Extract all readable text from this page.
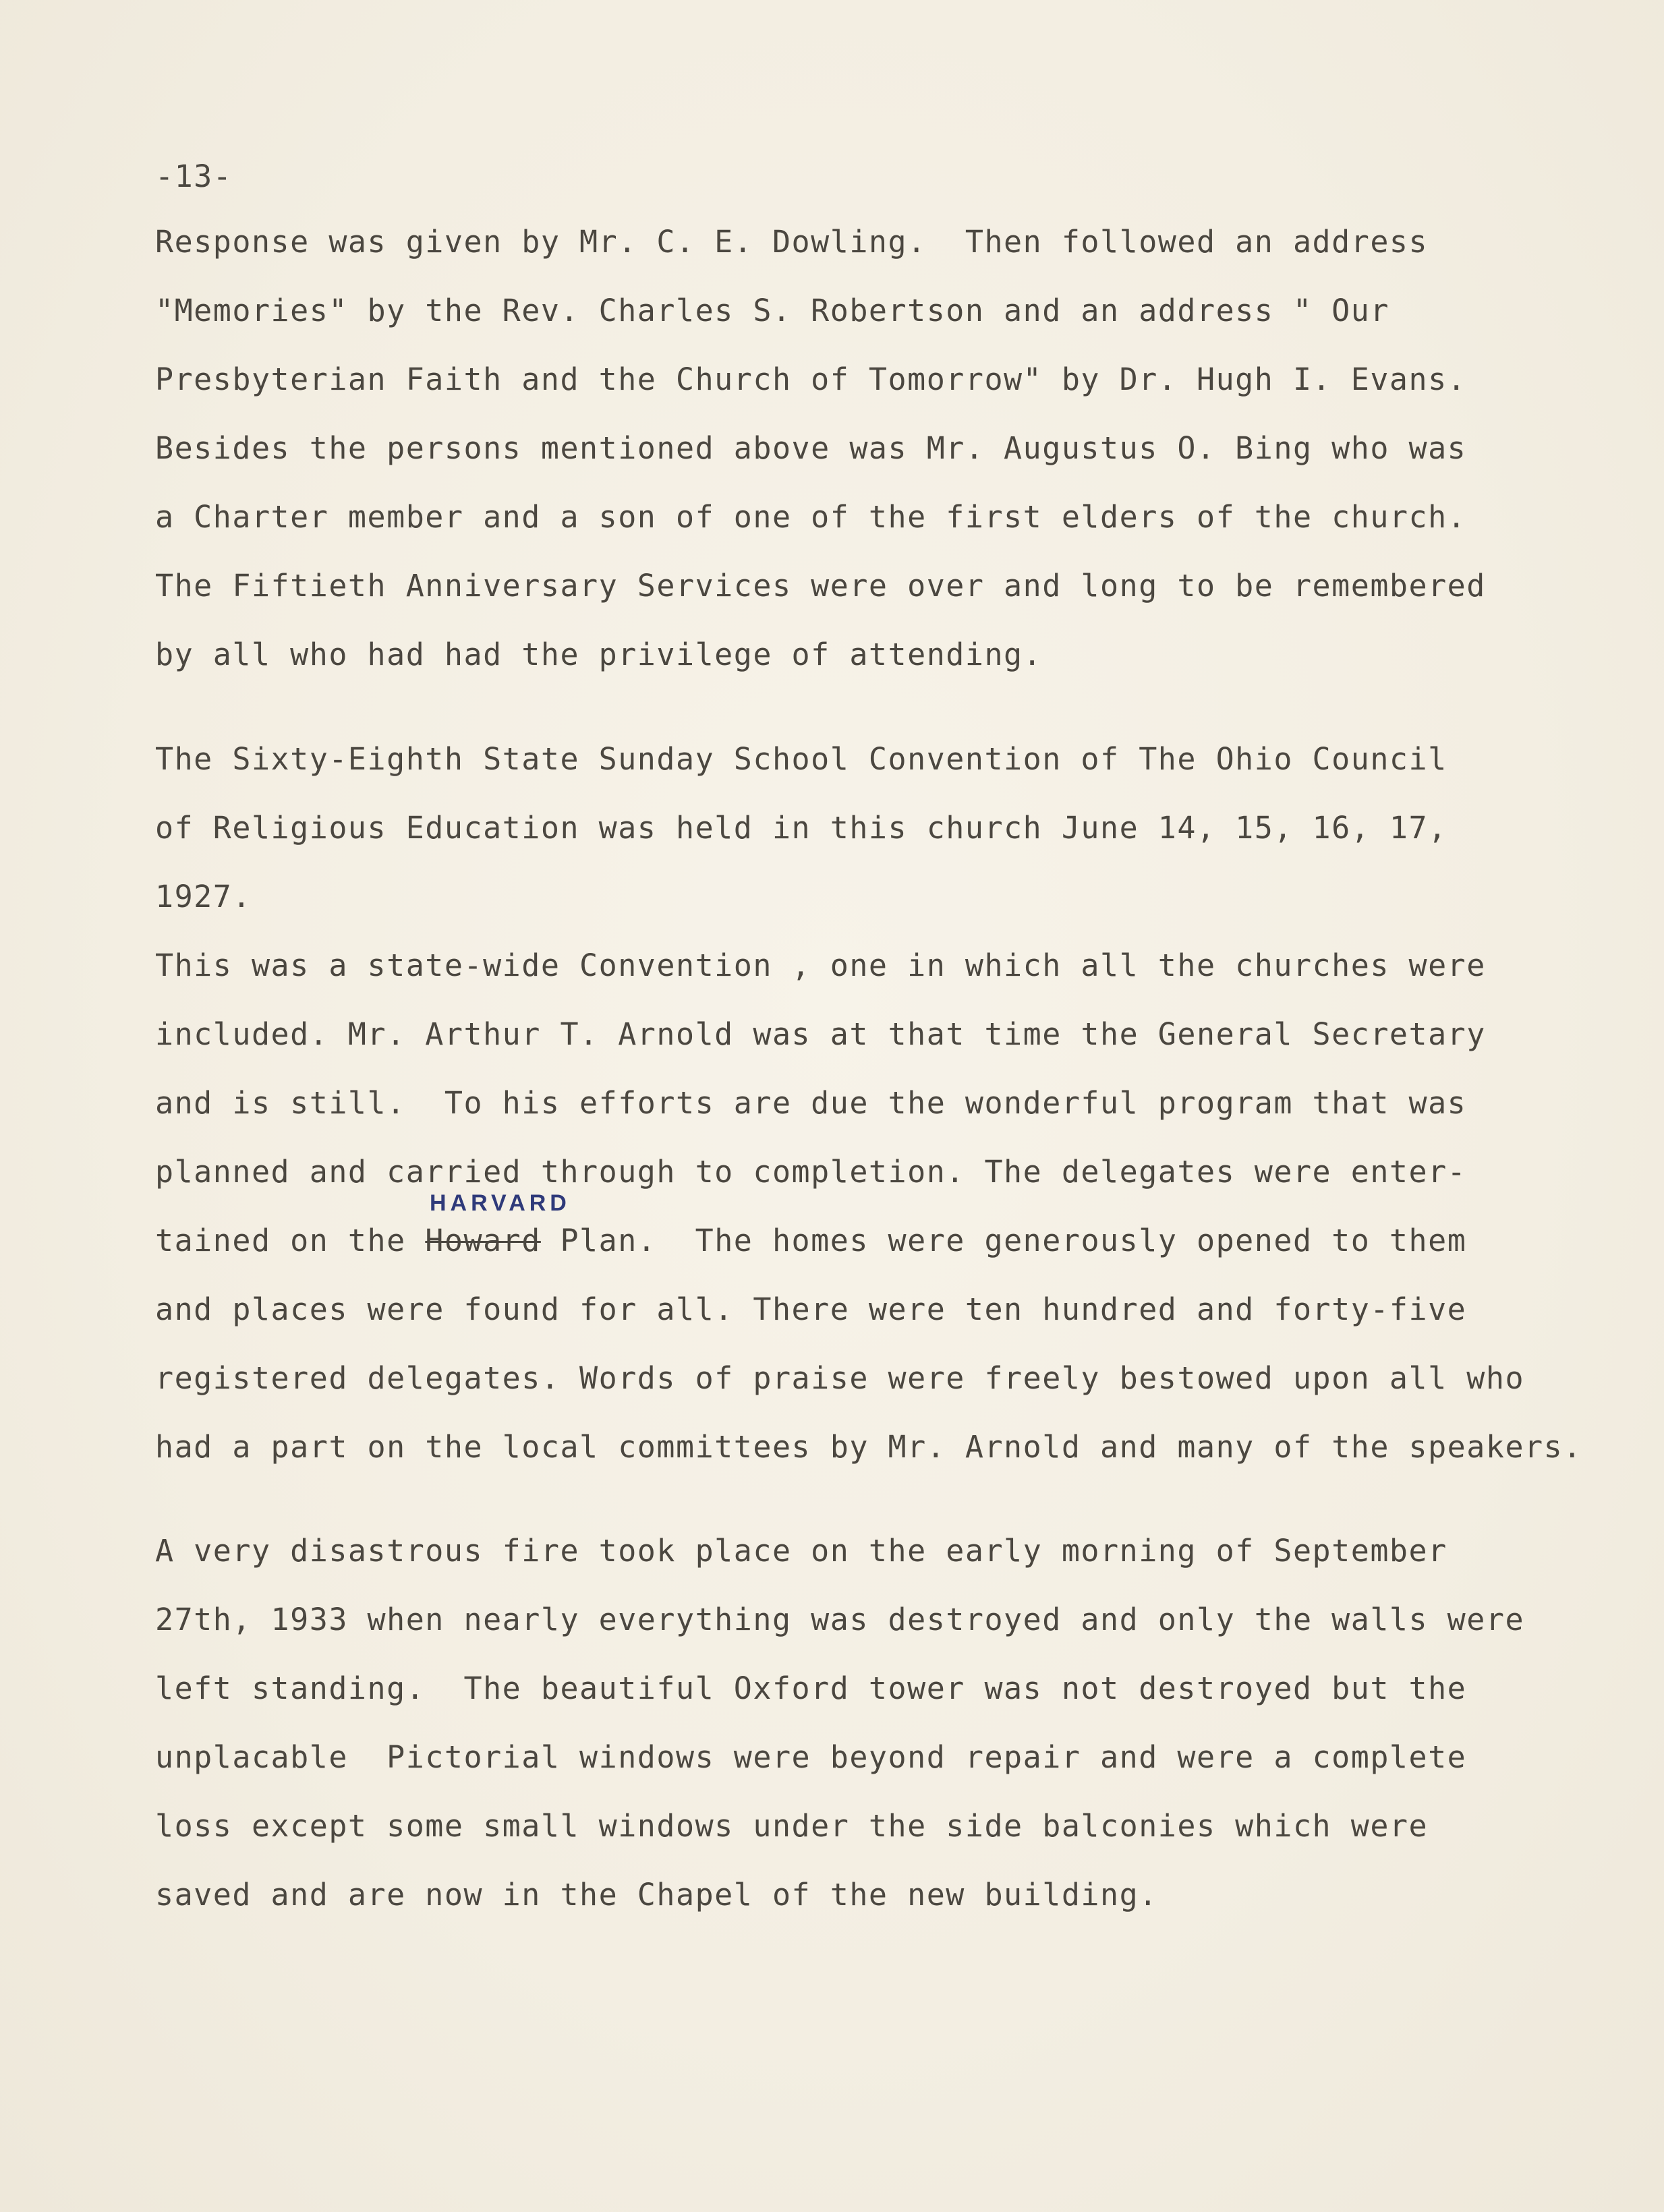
-13-

Response was given by Mr. C. E. Dowling.  Then followed an address

"Memories" by the Rev. Charles S. Robertson and an address " Our

Presbyterian Faith and the Church of Tomorrow" by Dr. Hugh I. Evans.

Besides the persons mentioned above was Mr. Augustus O. Bing who was

a Charter member and a son of one of the first elders of the church.

The Fiftieth Anniversary Services were over and long to be remembered

by all who had had the privilege of attending.

The Sixty-Eighth State Sunday School Convention of The Ohio Council

of Religious Education was held in this church June 14, 15, 16, 17,

1927.

This was a state-wide Convention , one in which all the churches were

included. Mr. Arthur T. Arnold was at that time the General Secretary

and is still.  To his efforts are due the wonderful program that was

planned and carried through to completion. The delegates were enter-

HARVARD

tained on the Howard Plan.  The homes were generously opened to them

and places were found for all. There were ten hundred and forty-five

registered delegates. Words of praise were freely bestowed upon all who

had a part on the local committees by Mr. Arnold and many of the speakers.

A very disastrous fire took place on the early morning of September

27th, 1933 when nearly everything was destroyed and only the walls were

left standing.  The beautiful Oxford tower was not destroyed but the

unplacable  Pictorial windows were beyond repair and were a complete

loss except some small windows under the side balconies which were

saved and are now in the Chapel of the new building.
